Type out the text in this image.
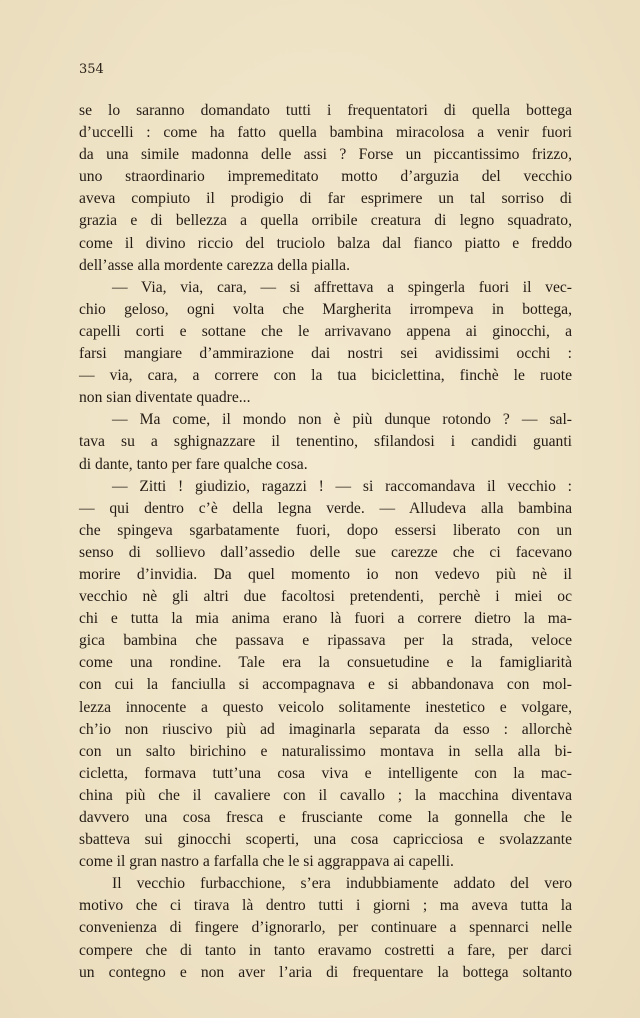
354
se lo saranno domandato tutti i frequentatori di quella bottega
d’uccelli : come ha fatto quella bambina miracolosa a venir fuori
da una simile madonna delle assi ? Forse un piccantissimo frizzo,
uno straordinario impremeditato motto d’arguzia del vecchio
aveva compiuto il prodigio di far esprimere un tal sorriso di
grazia e di bellezza a quella orribile creatura di legno squadrato,
come il divino riccio del truciolo balza dal fianco piatto e freddo
dell’asse alla mordente carezza della pialla.
— Via, via, cara, — si affrettava a spingerla fuori il vec-
chio geloso, ogni volta che Margherita irrompeva in bottega,
capelli corti e sottane che le arrivavano appena ai ginocchi, a
farsi mangiare d’ammirazione dai nostri sei avidissimi occhi :
— via, cara, a correre con la tua biciclettina, finchè le ruote
non sian diventate quadre...
— Ma come, il mondo non è più dunque rotondo ? — sal-
tava su a sghignazzare il tenentino, sfilandosi i candidi guanti
di dante, tanto per fare qualche cosa.
— Zitti ! giudizio, ragazzi ! — si raccomandava il vecchio :
— qui dentro c’è della legna verde. — Alludeva alla bambina
che spingeva sgarbatamente fuori, dopo essersi liberato con un
senso di sollievo dall’assedio delle sue carezze che ci facevano
morire d’invidia. Da quel momento io non vedevo più nè il
vecchio nè gli altri due facoltosi pretendenti, perchè i miei oc
chi e tutta la mia anima erano là fuori a correre dietro la ma-
gica bambina che passava e ripassava per la strada, veloce
come una rondine. Tale era la consuetudine e la famigliarità
con cui la fanciulla si accompagnava e si abbandonava con mol-
lezza innocente a questo veicolo solitamente inestetico e volgare,
ch’io non riuscivo più ad imaginarla separata da esso : allorchè
con un salto birichino e naturalissimo montava in sella alla bi-
cicletta, formava tutt’una cosa viva e intelligente con la mac-
china più che il cavaliere con il cavallo ; la macchina diventava
davvero una cosa fresca e frusciante come la gonnella che le
sbatteva sui ginocchi scoperti, una cosa capricciosa e svolazzante
come il gran nastro a farfalla che le si aggrappava ai capelli.
Il vecchio furbacchione, s’era indubbiamente addato del vero
motivo che ci tirava là dentro tutti i giorni ; ma aveva tutta la
convenienza di fingere d’ignorarlo, per continuare a spennarci nelle
compere che di tanto in tanto eravamo costretti a fare, per darci
un contegno e non aver l’aria di frequentare la bottega soltanto
